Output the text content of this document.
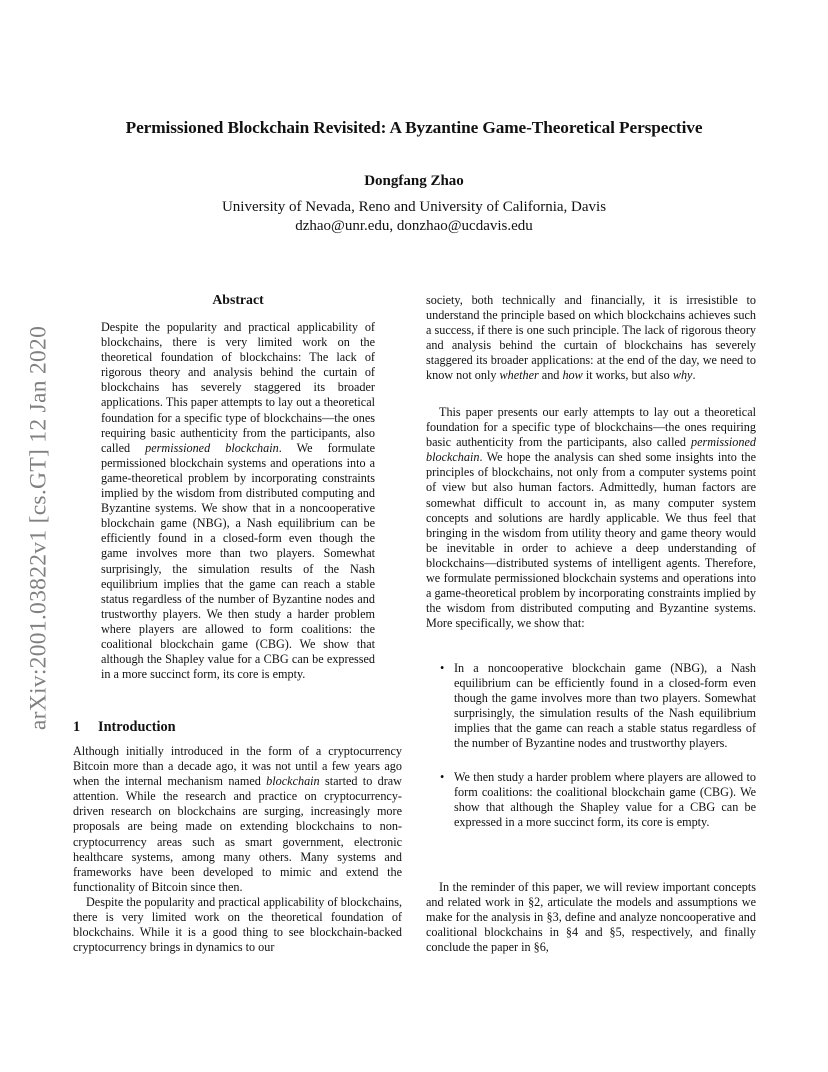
Permissioned Blockchain Revisited: A Byzantine Game-Theoretical Perspective
Dongfang Zhao
University of Nevada, Reno and University of California, Davis
dzhao@unr.edu, donzhao@ucdavis.edu
arXiv:2001.03822v1 [cs.GT] 12 Jan 2020
Abstract

Despite the popularity and practical applicability of blockchains, there is very limited work on the theoretical foundation of blockchains: The lack of rigorous theory and analysis behind the curtain of blockchains has severely staggered its broader applications. This paper attempts to lay out a theoretical foundation for a specific type of blockchains—the ones requiring basic authenticity from the participants, also called permissioned blockchain. We formulate permissioned blockchain systems and operations into a game-theoretical problem by incorporating constraints implied by the wisdom from distributed computing and Byzantine systems. We show that in a noncooperative blockchain game (NBG), a Nash equilibrium can be efficiently found in a closed-form even though the game involves more than two players. Somewhat surprisingly, the simulation results of the Nash equilibrium implies that the game can reach a stable status regardless of the number of Byzantine nodes and trustworthy players. We then study a harder problem where players are allowed to form coalitions: the coalitional blockchain game (CBG). We show that although the Shapley value for a CBG can be expressed in a more succinct form, its core is empty.

1 Introduction

Although initially introduced in the form of a cryptocurrency Bitcoin more than a decade ago, it was not until a few years ago when the internal mechanism named blockchain started to draw attention. While the research and practice on cryptocurrency-driven research on blockchains are surging, increasingly more proposals are being made on extending blockchains to non-cryptocurrency areas such as smart government, electronic healthcare systems, among many others. Many systems and frameworks have been developed to mimic and extend the functionality of Bitcoin since then.

Despite the popularity and practical applicability of blockchains, there is very limited work on the theoretical foundation of blockchains. While it is a good thing to see blockchain-backed cryptocurrency brings in dynamics to our

society, both technically and financially, it is irresistible to understand the principle based on which blockchains achieves such a success, if there is one such principle. The lack of rigorous theory and analysis behind the curtain of blockchains has severely staggered its broader applications: at the end of the day, we need to know not only whether and how it works, but also why.

This paper presents our early attempts to lay out a theoretical foundation for a specific type of blockchains—the ones requiring basic authenticity from the participants, also called permissioned blockchain. We hope the analysis can shed some insights into the principles of blockchains, not only from a computer systems point of view but also human factors. Admittedly, human factors are somewhat difficult to account in, as many computer system concepts and solutions are hardly applicable. We thus feel that bringing in the wisdom from utility theory and game theory would be inevitable in order to achieve a deep understanding of blockchains—distributed systems of intelligent agents. Therefore, we formulate permissioned blockchain systems and operations into a game-theoretical problem by incorporating constraints implied by the wisdom from distributed computing and Byzantine systems. More specifically, we show that:

• In a noncooperative blockchain game (NBG), a Nash equilibrium can be efficiently found in a closed-form even though the game involves more than two players. Somewhat surprisingly, the simulation results of the Nash equilibrium implies that the game can reach a stable status regardless of the number of Byzantine nodes and trustworthy players.
• We then study a harder problem where players are allowed to form coalitions: the coalitional blockchain game (CBG). We show that although the Shapley value for a CBG can be expressed in a more succinct form, its core is empty.

In the reminder of this paper, we will review important concepts and related work in §2, articulate the models and assumptions we make for the analysis in §3, define and analyze noncooperative and coalitional blockchains in §4 and §5, respectively, and finally conclude the paper in §6,
